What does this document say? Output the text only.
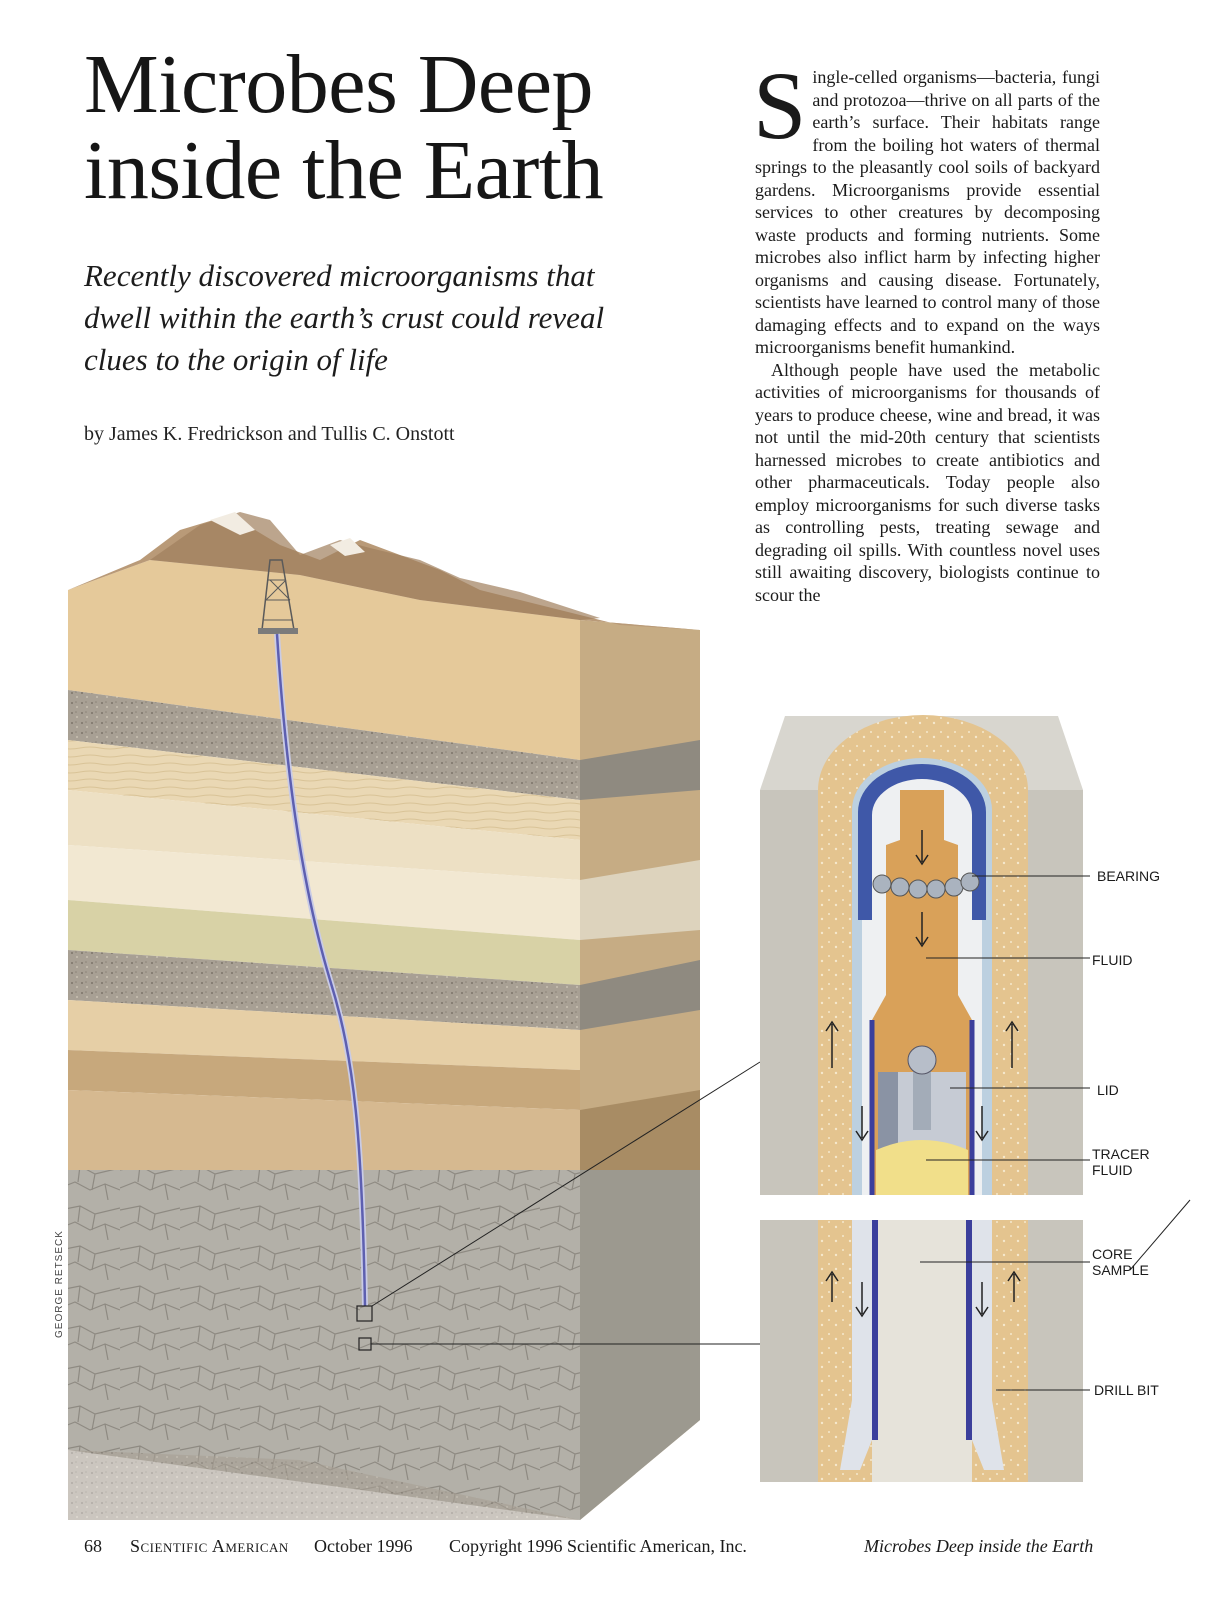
Microbes Deep inside the Earth

Recently discovered microorganisms that dwell within the earth’s crust could reveal clues to the origin of life

by James K. Fredrickson and Tullis C. Onstott

Single-celled organisms—bacteria, fungi and protozoa—thrive on all parts of the earth’s surface. Their habitats range from the boiling hot waters of thermal springs to the pleasantly cool soils of backyard gardens. Microorganisms provide essential services to other creatures by decomposing waste products and forming nutrients. Some microbes also inflict harm by infecting higher organisms and causing disease. Fortunately, scientists have learned to control many of those damaging effects and to expand on the ways microorganisms benefit humankind.

Although people have used the metabolic activities of microorganisms for thousands of years to produce cheese, wine and bread, it was not until the mid-20th century that scientists harnessed microbes to create antibiotics and other pharmaceuticals. Today people also employ microorganisms for such diverse tasks as controlling pests, treating sewage and degrading oil spills. With countless novel uses still awaiting discovery, biologists continue to scour the

GEORGE RETSECK
BEARING
FLUID
LID
TRACER
FLUID
CORE
SAMPLE
DRILL BIT
68 Scientific American October 1996 Copyright 1996 Scientific American, Inc.	Microbes Deep inside the Earth
